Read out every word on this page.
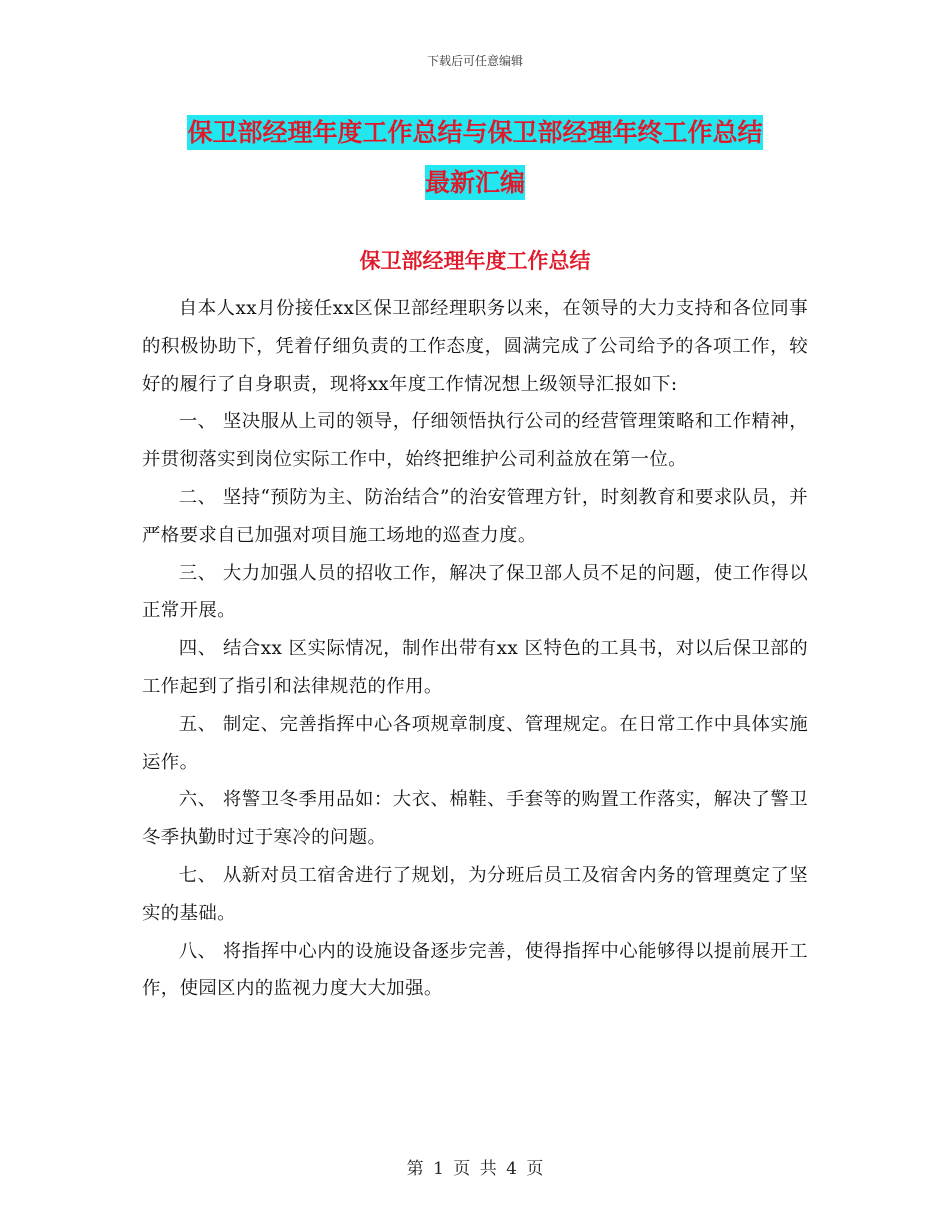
下载后可任意编辑
保卫部经理年度工作总结与保卫部经理年终工作总结
最新汇编
保卫部经理年度工作总结

自本人xx月份接任xx区保卫部经理职务以来，在领导的大力支持和各位同事的积极协助下，凭着仔细负责的工作态度，圆满完成了公司给予的各项工作，较好的履行了自身职责，现将xx年度工作情况想上级领导汇报如下:

一、 坚决服从上司的领导，仔细领悟执行公司的经营管理策略和工作精神，并贯彻落实到岗位实际工作中，始终把维护公司利益放在第一位。

二、 坚持“预防为主、防治结合”的治安管理方针，时刻教育和要求队员，并严格要求自已加强对项目施工场地的巡查力度。

三、 大力加强人员的招收工作，解决了保卫部人员不足的问题，使工作得以正常开展。

四、 结合xx 区实际情况，制作出带有xx 区特色的工具书，对以后保卫部的工作起到了指引和法律规范的作用。

五、 制定、完善指挥中心各项规章制度、管理规定。在日常工作中具体实施运作。

六、 将警卫冬季用品如：大衣、棉鞋、手套等的购置工作落实，解决了警卫冬季执勤时过于寒冷的问题。

七、 从新对员工宿舍进行了规划，为分班后员工及宿舍内务的管理奠定了坚实的基础。

八、 将指挥中心内的设施设备逐步完善，使得指挥中心能够得以提前展开工作，使园区内的监视力度大大加强。

第 1 页 共 4 页
